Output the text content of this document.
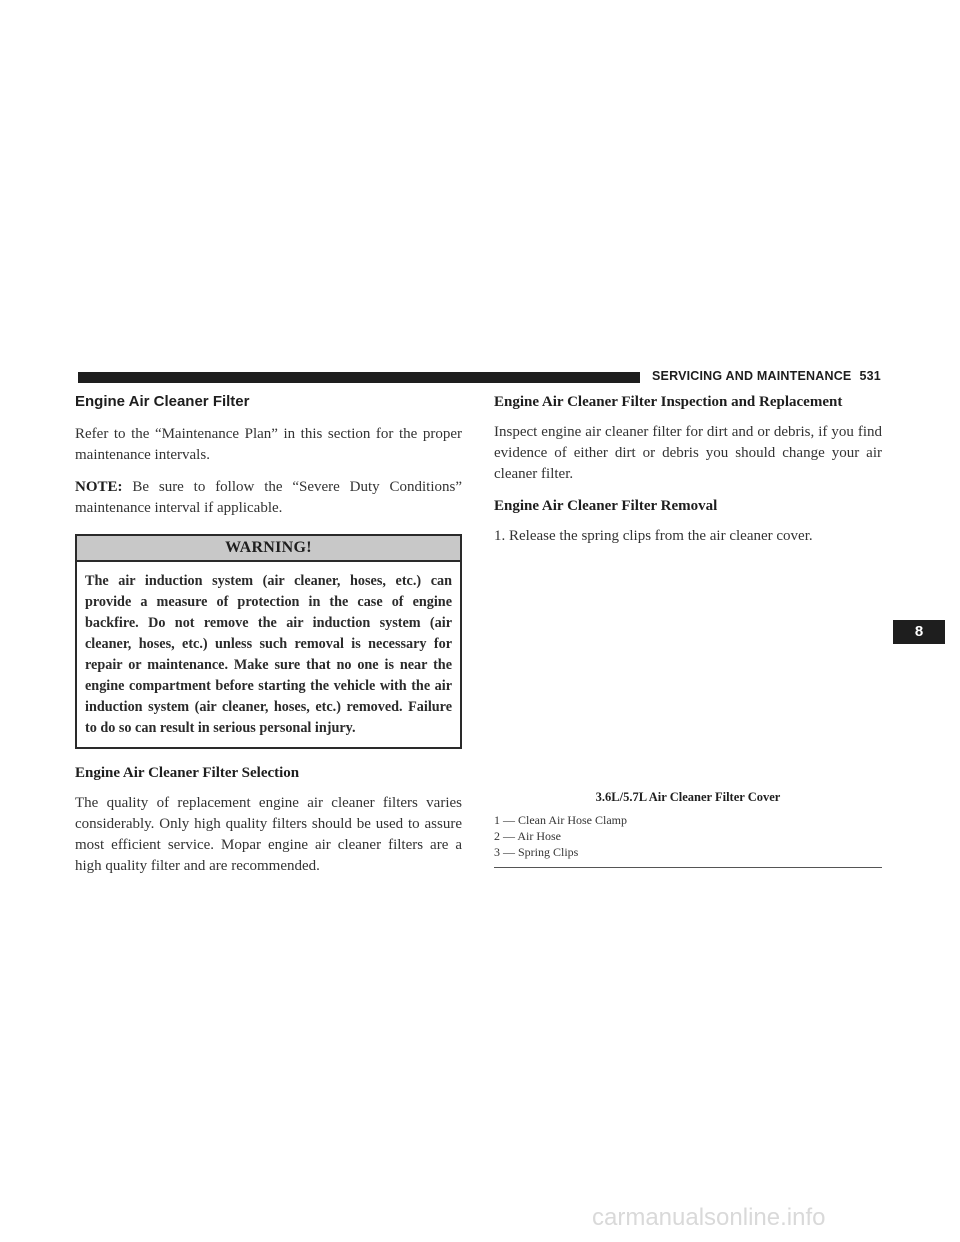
SERVICING AND MAINTENANCE 531
Engine Air Cleaner Filter

Refer to the “Maintenance Plan” in this section for the proper maintenance intervals.

NOTE: Be sure to follow the “Severe Duty Conditions” maintenance interval if applicable.

WARNING!
The air induction system (air cleaner, hoses, etc.) can provide a measure of protection in the case of engine backfire. Do not remove the air induction system (air cleaner, hoses, etc.) unless such removal is necessary for repair or maintenance. Make sure that no one is near the engine compartment before starting the vehicle with the air induction system (air cleaner, hoses, etc.) removed. Failure to do so can result in serious personal injury.
Engine Air Cleaner Filter Selection

The quality of replacement engine air cleaner filters varies considerably. Only high quality filters should be used to assure most efficient service. Mopar engine air cleaner filters are a high quality filter and are recommended.

Engine Air Cleaner Filter Inspection and Replacement

Inspect engine air cleaner filter for dirt and or debris, if you find evidence of either dirt or debris you should change your air cleaner filter.

Engine Air Cleaner Filter Removal

1. Release the spring clips from the air cleaner cover.

3.6L/5.7L Air Cleaner Filter Cover
1 — Clean Air Hose Clamp
2 — Air Hose
3 — Spring Clips
8
carmanualsonline.info
